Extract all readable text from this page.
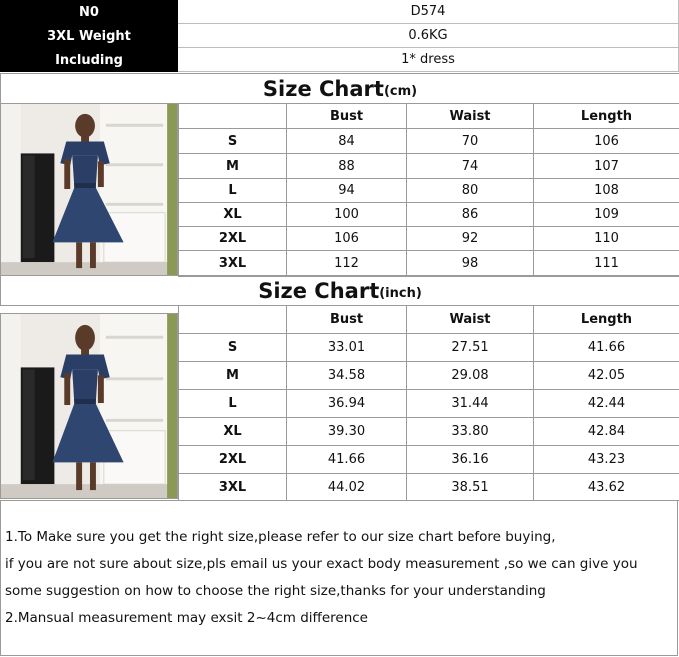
N0	D574
3XL Weight	0.6KG
Including	1* dress
Size Chart (cm)
	Bust	Waist	Length
S	84	70	106
M	88	74	107
L	94	80	108
XL	100	86	109
2XL	106	92	110
3XL	112	98	111
Size Chart (inch)
	Bust	Waist	Length
S	33.01	27.51	41.66
M	34.58	29.08	42.05
L	36.94	31.44	42.44
XL	39.30	33.80	42.84
2XL	41.66	36.16	43.23
3XL	44.02	38.51	43.62
1.To Make sure you get the right size,please refer to our size chart before buying,
if you are not sure about size,pls email us your exact body measurement ,so we can give you
some suggestion on how to choose the right size,thanks for your understanding
2.Mansual measurement may exsit 2~4cm difference
